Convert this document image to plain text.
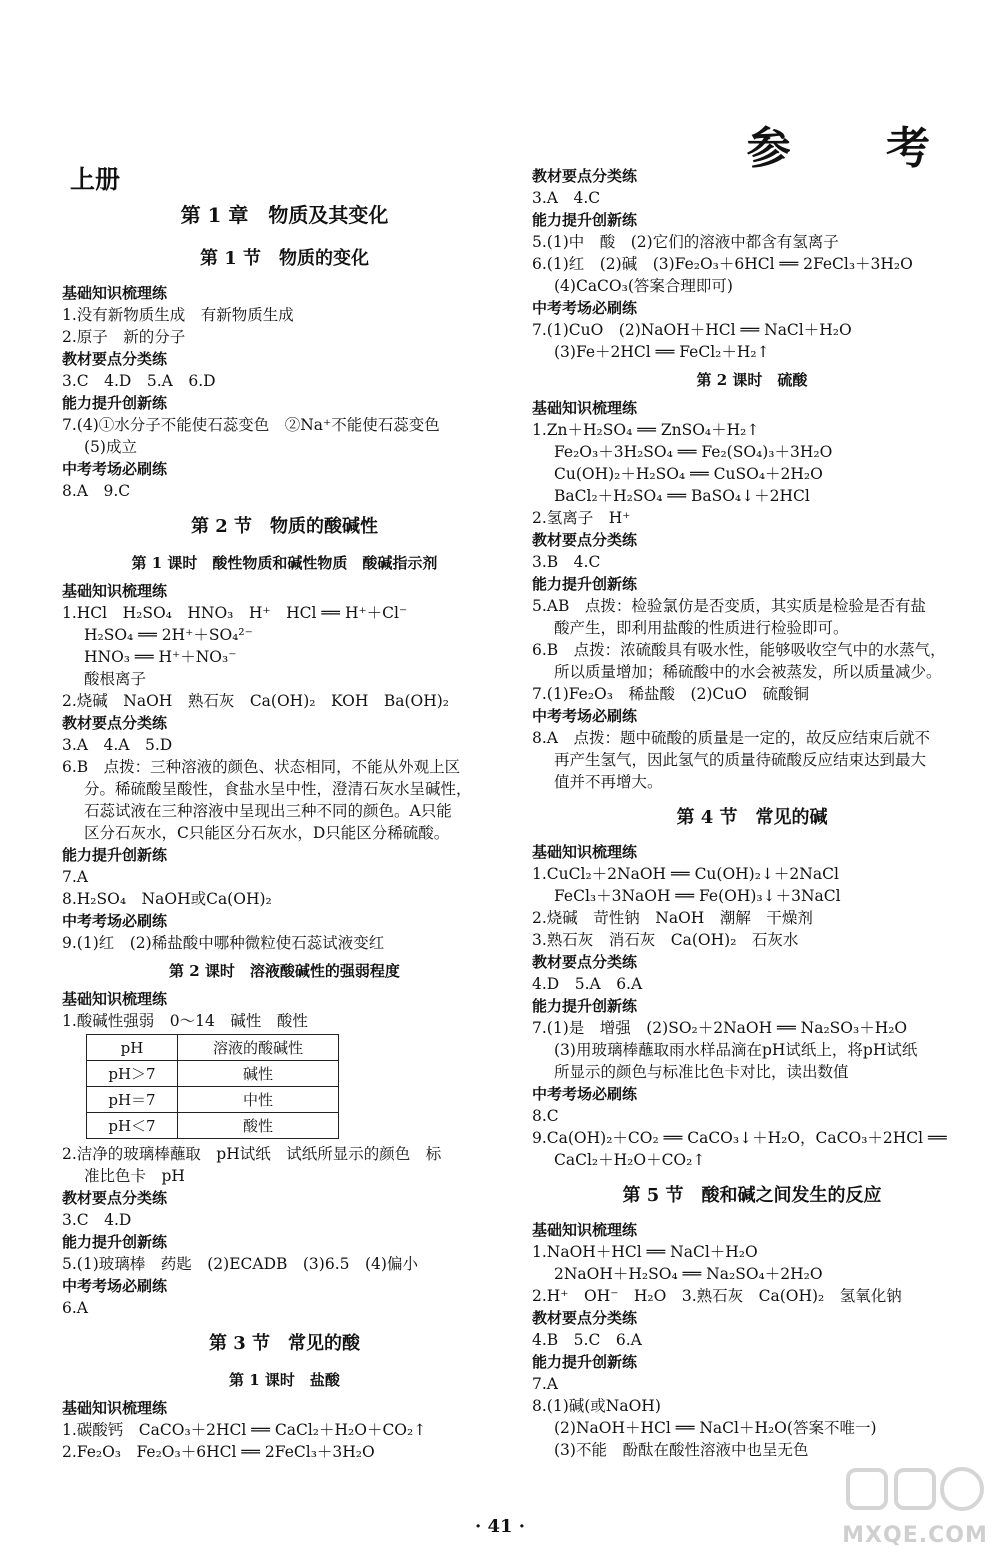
参 考
上册
第 1 章　物质及其变化
第 1 节　物质的变化
基础知识梳理练
1.没有新物质生成　有新物质生成
2.原子　新的分子
教材要点分类练
3.C　4.D　5.A　6.D
能力提升创新练
7.(4)①水分子不能使石蕊变色　②Na⁺不能使石蕊变色
(5)成立
中考考场必刷练
8.A　9.C
第 2 节　物质的酸碱性
第 1 课时　酸性物质和碱性物质　酸碱指示剂
基础知识梳理练
1.HCl　H₂SO₄　HNO₃　H⁺　HCl ══ H⁺＋Cl⁻
H₂SO₄ ══ 2H⁺＋SO₄²⁻
HNO₃ ══ H⁺＋NO₃⁻
酸根离子
2.烧碱　NaOH　熟石灰　Ca(OH)₂　KOH　Ba(OH)₂
教材要点分类练
3.A　4.A　5.D
6.B　点拨：三种溶液的颜色、状态相同，不能从外观上区
分。稀硫酸呈酸性，食盐水呈中性，澄清石灰水呈碱性，
石蕊试液在三种溶液中呈现出三种不同的颜色。A只能
区分石灰水，C只能区分石灰水，D只能区分稀硫酸。
能力提升创新练
7.A
8.H₂SO₄　NaOH或Ca(OH)₂
中考考场必刷练
9.(1)红　(2)稀盐酸中哪种微粒使石蕊试液变红
第 2 课时　溶液酸碱性的强弱程度
基础知识梳理练
1.酸碱性强弱　0～14　碱性　酸性
pH	溶液的酸碱性
pH＞7	碱性
pH＝7	中性
pH＜7	酸性
2.洁净的玻璃棒蘸取　pH试纸　试纸所显示的颜色　标
准比色卡　pH
教材要点分类练
3.C　4.D
能力提升创新练
5.(1)玻璃棒　药匙　(2)ECADB　(3)6.5　(4)偏小
中考考场必刷练
6.A
第 3 节　常见的酸
第 1 课时　盐酸
基础知识梳理练
1.碳酸钙　CaCO₃＋2HCl ══ CaCl₂＋H₂O＋CO₂↑
2.Fe₂O₃　Fe₂O₃＋6HCl ══ 2FeCl₃＋3H₂O
教材要点分类练
3.A　4.C
能力提升创新练
5.(1)中　酸　(2)它们的溶液中都含有氢离子
6.(1)红　(2)碱　(3)Fe₂O₃＋6HCl ══ 2FeCl₃＋3H₂O
(4)CaCO₃(答案合理即可)
中考考场必刷练
7.(1)CuO　(2)NaOH＋HCl ══ NaCl＋H₂O
(3)Fe＋2HCl ══ FeCl₂＋H₂↑
第 2 课时　硫酸
基础知识梳理练
1.Zn＋H₂SO₄ ══ ZnSO₄＋H₂↑
Fe₂O₃＋3H₂SO₄ ══ Fe₂(SO₄)₃＋3H₂O
Cu(OH)₂＋H₂SO₄ ══ CuSO₄＋2H₂O
BaCl₂＋H₂SO₄ ══ BaSO₄↓＋2HCl
2.氢离子　H⁺
教材要点分类练
3.B　4.C
能力提升创新练
5.AB　点拨：检验氯仿是否变质，其实质是检验是否有盐
酸产生，即利用盐酸的性质进行检验即可。
6.B　点拨：浓硫酸具有吸水性，能够吸收空气中的水蒸气，
所以质量增加；稀硫酸中的水会被蒸发，所以质量减少。
7.(1)Fe₂O₃　稀盐酸　(2)CuO　硫酸铜
中考考场必刷练
8.A　点拨：题中硫酸的质量是一定的，故反应结束后就不
再产生氢气，因此氢气的质量待硫酸反应结束达到最大
值并不再增大。
第 4 节　常见的碱
基础知识梳理练
1.CuCl₂＋2NaOH ══ Cu(OH)₂↓＋2NaCl
FeCl₃＋3NaOH ══ Fe(OH)₃↓＋3NaCl
2.烧碱　苛性钠　NaOH　潮解　干燥剂
3.熟石灰　消石灰　Ca(OH)₂　石灰水
教材要点分类练
4.D　5.A　6.A
能力提升创新练
7.(1)是　增强　(2)SO₂＋2NaOH ══ Na₂SO₃＋H₂O
(3)用玻璃棒蘸取雨水样品滴在pH试纸上，将pH试纸
所显示的颜色与标准比色卡对比，读出数值
中考考场必刷练
8.C
9.Ca(OH)₂＋CO₂ ══ CaCO₃↓＋H₂O，CaCO₃＋2HCl ══
CaCl₂＋H₂O＋CO₂↑
第 5 节　酸和碱之间发生的反应
基础知识梳理练
1.NaOH＋HCl ══ NaCl＋H₂O
2NaOH＋H₂SO₄ ══ Na₂SO₄＋2H₂O
2.H⁺　OH⁻　H₂O　3.熟石灰　Ca(OH)₂　氢氧化钠
教材要点分类练
4.B　5.C　6.A
能力提升创新练
7.A
8.(1)碱(或NaOH)
(2)NaOH＋HCl ══ NaCl＋H₂O(答案不唯一)
(3)不能　酚酞在酸性溶液中也呈无色
· 41 ·	MXQE.COM
